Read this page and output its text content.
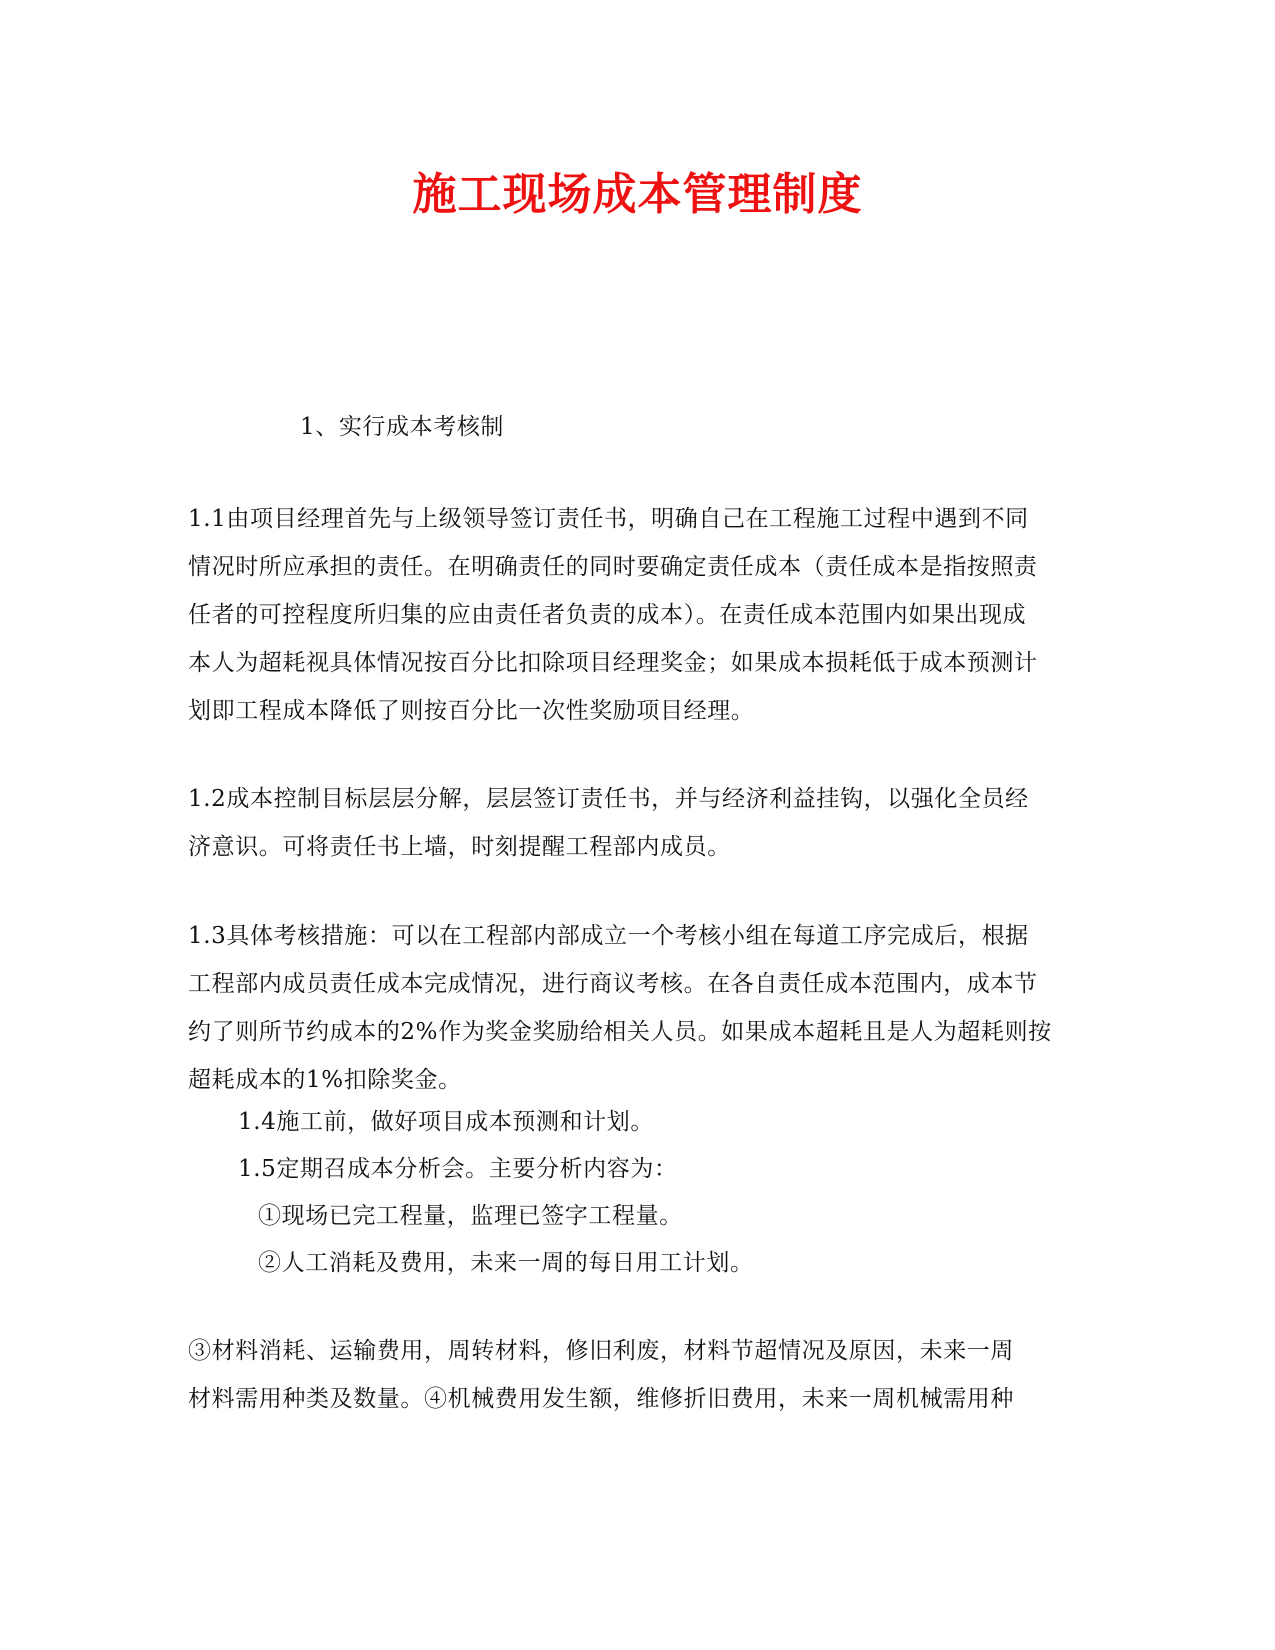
施工现场成本管理制度
1、实行成本考核制
1.1由项目经理首先与上级领导签订责任书，明确自己在工程施工过程中遇到不同
情况时所应承担的责任。在明确责任的同时要确定责任成本（责任成本是指按照责
任者的可控程度所归集的应由责任者负责的成本）。在责任成本范围内如果出现成
本人为超耗视具体情况按百分比扣除项目经理奖金；如果成本损耗低于成本预测计
划即工程成本降低了则按百分比一次性奖励项目经理。
1.2成本控制目标层层分解，层层签订责任书，并与经济利益挂钩，以强化全员经
济意识。可将责任书上墙，时刻提醒工程部内成员。
1.3具体考核措施：可以在工程部内部成立一个考核小组在每道工序完成后，根据
工程部内成员责任成本完成情况，进行商议考核。在各自责任成本范围内，成本节
约了则所节约成本的2%作为奖金奖励给相关人员。如果成本超耗且是人为超耗则按
超耗成本的1%扣除奖金。
1.4施工前，做好项目成本预测和计划。
1.5定期召成本分析会。主要分析内容为：
①现场已完工程量，监理已签字工程量。
②人工消耗及费用，未来一周的每日用工计划。
③材料消耗、运输费用，周转材料，修旧利废，材料节超情况及原因，未来一周
材料需用种类及数量。④机械费用发生额，维修折旧费用，未来一周机械需用种
